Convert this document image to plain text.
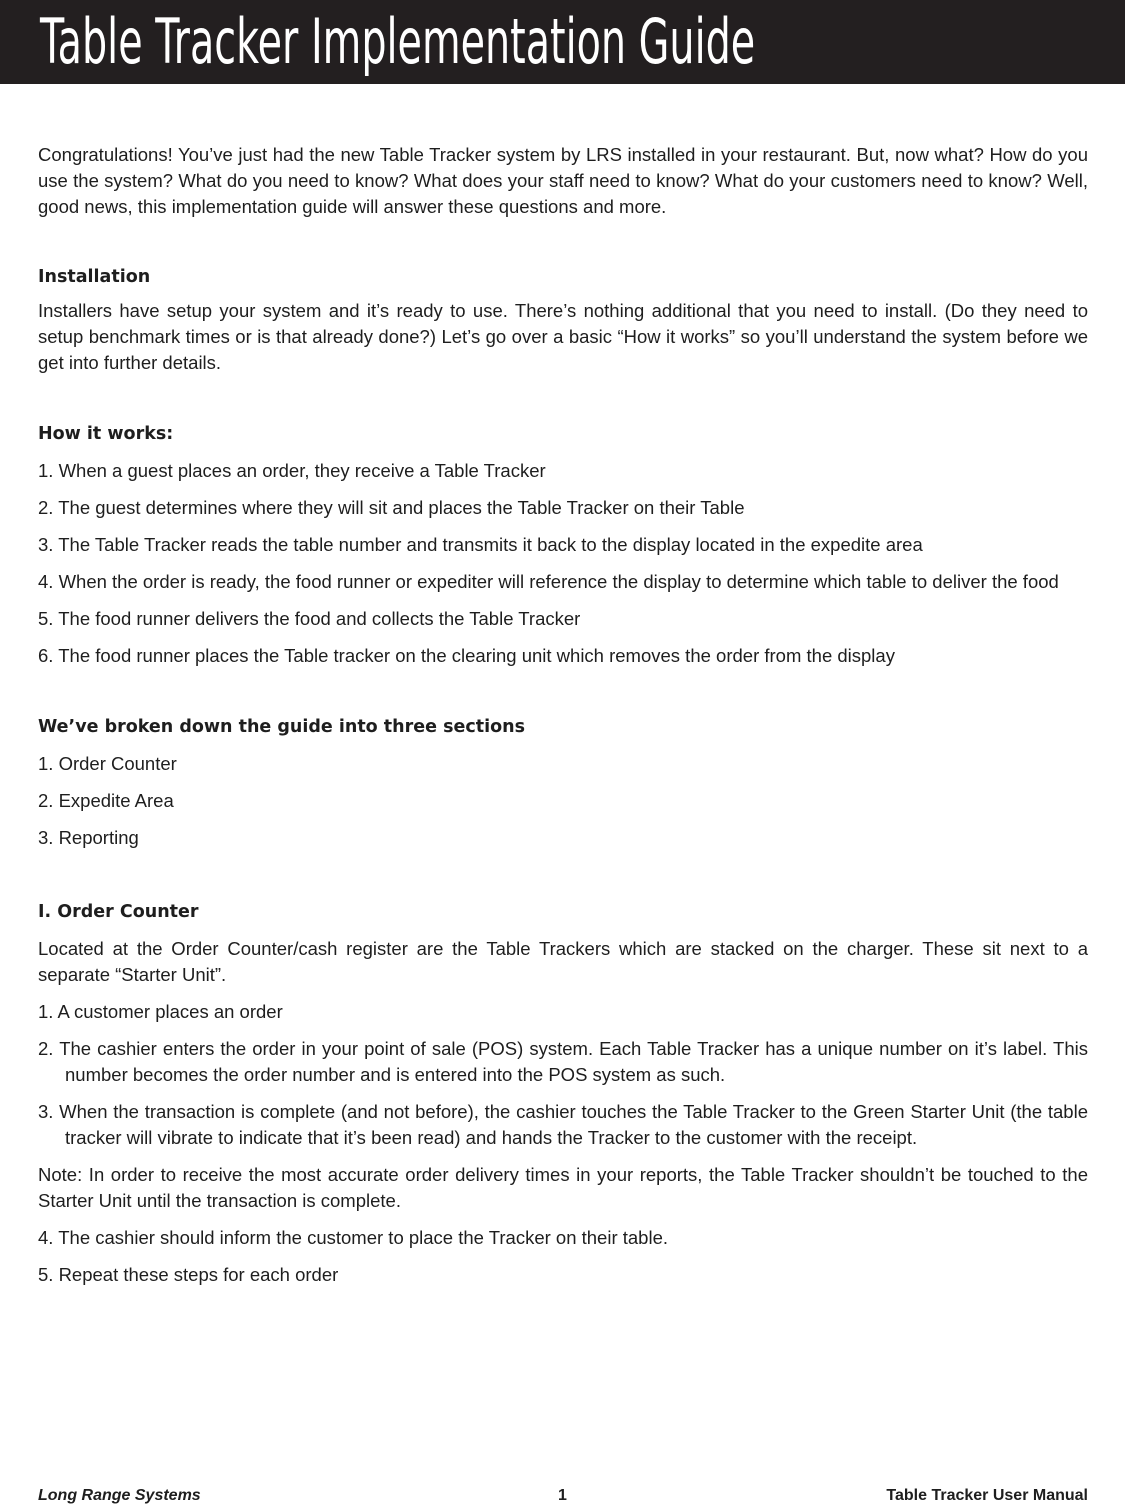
Table Tracker Implementation Guide

Congratulations! You’ve just had the new Table Tracker system by LRS installed in your restaurant. But, now what? How do you use the system? What do you need to know? What does your staff need to know? What do your customers need to know? Well, good news, this implementation guide will answer these questions and more.

Installation

Installers have setup your system and it’s ready to use. There’s nothing additional that you need to install. (Do they need to setup benchmark times or is that already done?) Let’s go over a basic “How it works” so you’ll understand the system before we get into further details.

How it works:

1. When a guest places an order, they receive a Table Tracker

2. The guest determines where they will sit and places the Table Tracker on their Table

3. The Table Tracker reads the table number and transmits it back to the display located in the expedite area

4. When the order is ready, the food runner or expediter will reference the display to determine which table to deliver the food

5. The food runner delivers the food and collects the Table Tracker

6. The food runner places the Table tracker on the clearing unit which removes the order from the display

We’ve broken down the guide into three sections

1. Order Counter

2. Expedite Area

3. Reporting

I. Order Counter

Located at the Order Counter/cash register are the Table Trackers which are stacked on the charger. These sit next to a separate “Starter Unit”.

1. A customer places an order

2. The cashier enters the order in your point of sale (POS) system. Each Table Tracker has a unique number on it’s label. This number becomes the order number and is entered into the POS system as such.

3. When the transaction is complete (and not before), the cashier touches the Table Tracker to the Green Starter Unit (the table tracker will vibrate to indicate that it’s been read) and hands the Tracker to the customer with the receipt.

Note: In order to receive the most accurate order delivery times in your reports, the Table Tracker shouldn’t be touched to the Starter Unit until the transaction is complete.

4. The cashier should inform the customer to place the Tracker on their table.

5. Repeat these steps for each order

Long Range Systems	1	Table Tracker User Manual
